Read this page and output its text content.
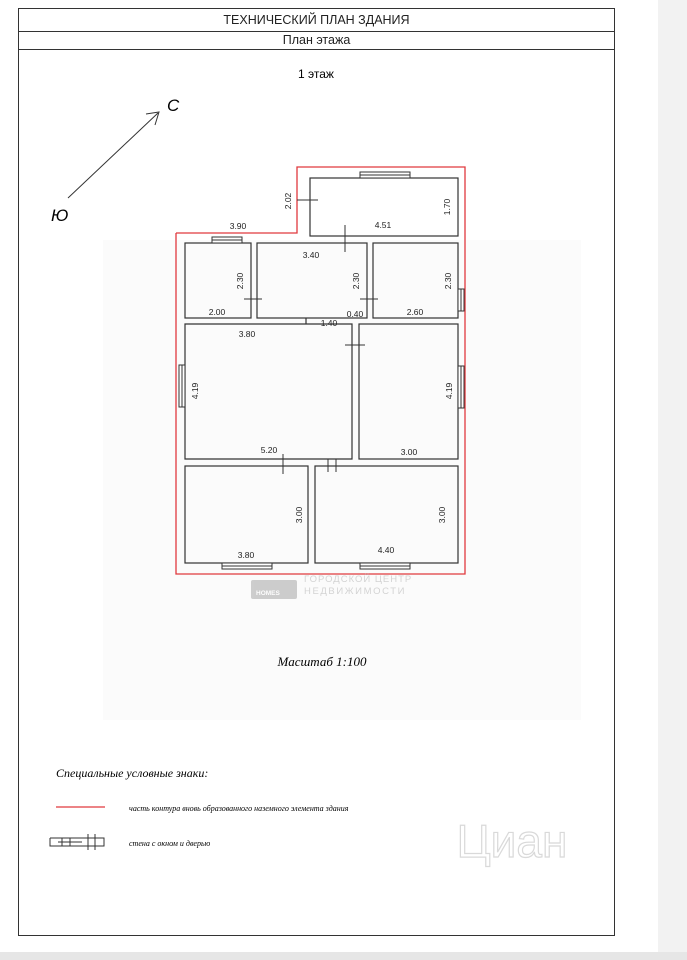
ТЕХНИЧЕСКИЙ ПЛАН ЗДАНИЯ
План этажа
1 этаж
С
Ю
2.02	1.70
4.51
3.90
3.40
2.30	2.30	2.30
2.00	2.60
0.40
3.80
1.40
4.19	4.19
5.20	3.00
3.00	3.00
3.80	4.40
HOMES
ГОРОДСКОЙ ЦЕНТР
НЕДВИЖИМОСТИ
Масштаб 1:100
Специальные условные знаки:
часть контура вновь образованного наземного элемента здания
стена с окном и дверью	Циан
